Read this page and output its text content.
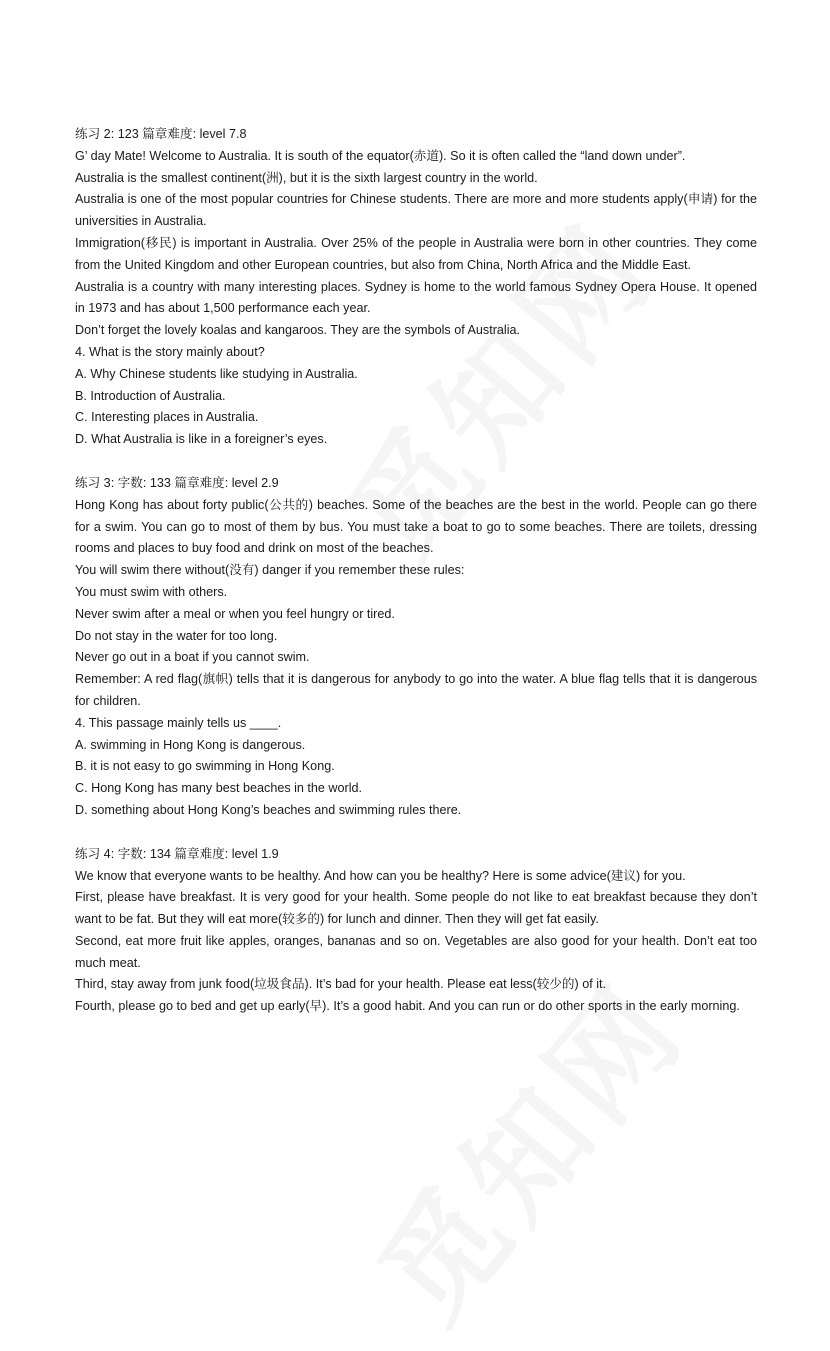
练习 2: 123 篇章难度: level 7.8
G’ day Mate! Welcome to Australia. It is south of the equator(赤道). So it is often called the “land down under”.
Australia is the smallest continent(洲), but it is the sixth largest country in the world.
Australia is one of the most popular countries for Chinese students. There are more and more students apply(申请) for the universities in Australia.
Immigration(移民) is important in Australia. Over 25% of the people in Australia were born in other countries. They come from the United Kingdom and other European countries, but also from China, North Africa and the Middle East.
Australia is a country with many interesting places. Sydney is home to the world famous Sydney Opera House. It opened in 1973 and has about 1,500 performance each year.
Don’t forget the lovely koalas and kangaroos. They are the symbols of Australia.
4. What is the story mainly about?
A. Why Chinese students like studying in Australia.
B. Introduction of Australia.
C. Interesting places in Australia.
D. What Australia is like in a foreigner’s eyes.
练习 3: 字数: 133 篇章难度: level 2.9
Hong Kong has about forty public(公共的) beaches. Some of the beaches are the best in the world. People can go there for a swim. You can go to most of them by bus. You must take a boat to go to some beaches. There are toilets, dressing rooms and places to buy food and drink on most of the beaches.
You will swim there without(没有) danger if you remember these rules:
You must swim with others.
Never swim after a meal or when you feel hungry or tired.
Do not stay in the water for too long.
Never go out in a boat if you cannot swim.
Remember: A red flag(旗帜) tells that it is dangerous for anybody to go into the water. A blue flag tells that it is dangerous for children.
4. This passage mainly tells us ____.
A. swimming in Hong Kong is dangerous.
B. it is not easy to go swimming in Hong Kong.
C. Hong Kong has many best beaches in the world.
D. something about Hong Kong’s beaches and swimming rules there.
练习 4: 字数: 134 篇章难度: level 1.9
We know that everyone wants to be healthy. And how can you be healthy? Here is some advice(建议) for you.
First, please have breakfast. It is very good for your health. Some people do not like to eat breakfast because they don’t want to be fat. But they will eat more(较多的) for lunch and dinner. Then they will get fat easily.
Second, eat more fruit like apples, oranges, bananas and so on. Vegetables are also good for your health. Don’t eat too much meat.
Third, stay away from junk food(垃圾食品). It’s bad for your health. Please eat less(较少的) of it.
Fourth, please go to bed and get up early(早). It’s a good habit. And you can run or do other sports in the early morning.
